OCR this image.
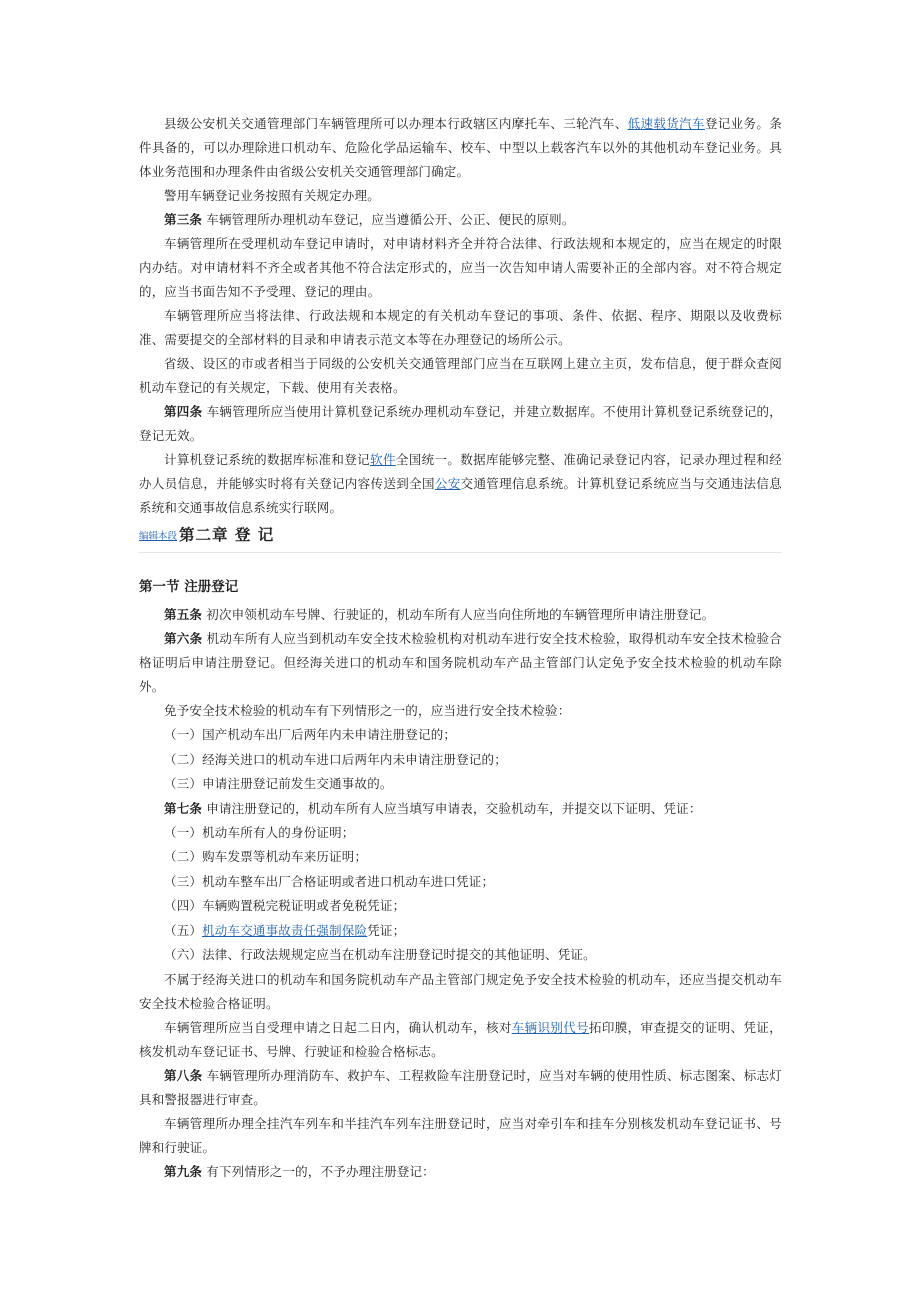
县级公安机关交通管理部门车辆管理所可以办理本行政辖区内摩托车、三轮汽车、低速载货汽车登记业务。条件具备的，可以办理除进口机动车、危险化学品运输车、校车、中型以上载客汽车以外的其他机动车登记业务。具体业务范围和办理条件由省级公安机关交通管理部门确定。

警用车辆登记业务按照有关规定办理。

第三条 车辆管理所办理机动车登记，应当遵循公开、公正、便民的原则。

车辆管理所在受理机动车登记申请时，对申请材料齐全并符合法律、行政法规和本规定的，应当在规定的时限内办结。对申请材料不齐全或者其他不符合法定形式的，应当一次告知申请人需要补正的全部内容。对不符合规定的，应当书面告知不予受理、登记的理由。

车辆管理所应当将法律、行政法规和本规定的有关机动车登记的事项、条件、依据、程序、期限以及收费标准、需要提交的全部材料的目录和申请表示范文本等在办理登记的场所公示。

省级、设区的市或者相当于同级的公安机关交通管理部门应当在互联网上建立主页，发布信息，便于群众查阅机动车登记的有关规定，下载、使用有关表格。

第四条 车辆管理所应当使用计算机登记系统办理机动车登记，并建立数据库。不使用计算机登记系统登记的，登记无效。

计算机登记系统的数据库标准和登记软件全国统一。数据库能够完整、准确记录登记内容，记录办理过程和经办人员信息，并能够实时将有关登记内容传送到全国公安交通管理信息系统。计算机登记系统应当与交通违法信息系统和交通事故信息系统实行联网。

编辑本段 第二章 登 记
第一节 注册登记

第五条 初次申领机动车号牌、行驶证的，机动车所有人应当向住所地的车辆管理所申请注册登记。

第六条 机动车所有人应当到机动车安全技术检验机构对机动车进行安全技术检验，取得机动车安全技术检验合格证明后申请注册登记。但经海关进口的机动车和国务院机动车产品主管部门认定免予安全技术检验的机动车除外。

免予安全技术检验的机动车有下列情形之一的，应当进行安全技术检验：

（一）国产机动车出厂后两年内未申请注册登记的；

（二）经海关进口的机动车进口后两年内未申请注册登记的；

（三）申请注册登记前发生交通事故的。

第七条 申请注册登记的，机动车所有人应当填写申请表，交验机动车，并提交以下证明、凭证：

（一）机动车所有人的身份证明；

（二）购车发票等机动车来历证明；

（三）机动车整车出厂合格证明或者进口机动车进口凭证；

（四）车辆购置税完税证明或者免税凭证；

（五）机动车交通事故责任强制保险凭证；

（六）法律、行政法规规定应当在机动车注册登记时提交的其他证明、凭证。

不属于经海关进口的机动车和国务院机动车产品主管部门规定免予安全技术检验的机动车，还应当提交机动车安全技术检验合格证明。

车辆管理所应当自受理申请之日起二日内，确认机动车，核对车辆识别代号拓印膜，审查提交的证明、凭证，核发机动车登记证书、号牌、行驶证和检验合格标志。

第八条 车辆管理所办理消防车、救护车、工程救险车注册登记时，应当对车辆的使用性质、标志图案、标志灯具和警报器进行审查。

车辆管理所办理全挂汽车列车和半挂汽车列车注册登记时，应当对牵引车和挂车分别核发机动车登记证书、号牌和行驶证。

第九条 有下列情形之一的，不予办理注册登记：
